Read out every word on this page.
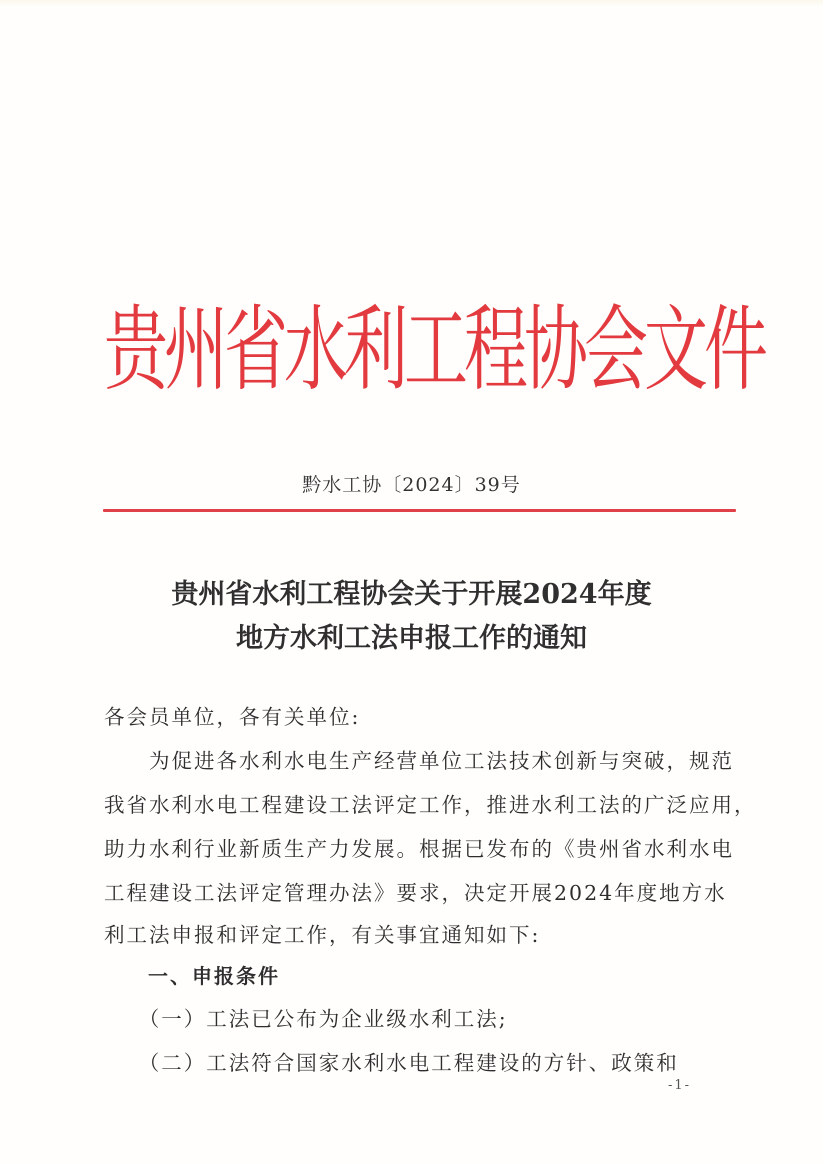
贵州省水利工程协会文件
黔水工协〔2024〕39号
贵州省水利工程协会关于开展2024年度
地方水利工法申报工作的通知
各会员单位，各有关单位:
　　为促进各水利水电生产经营单位工法技术创新与突破，规范
我省水利水电工程建设工法评定工作，推进水利工法的广泛应用，
助力水利行业新质生产力发展。根据已发布的《贵州省水利水电
工程建设工法评定管理办法》要求，决定开展2024年度地方水
利工法申报和评定工作，有关事宜通知如下:
　　一、申报条件
　　（一）工法已公布为企业级水利工法;
　　（二）工法符合国家水利水电工程建设的方针、政策和
-1-
